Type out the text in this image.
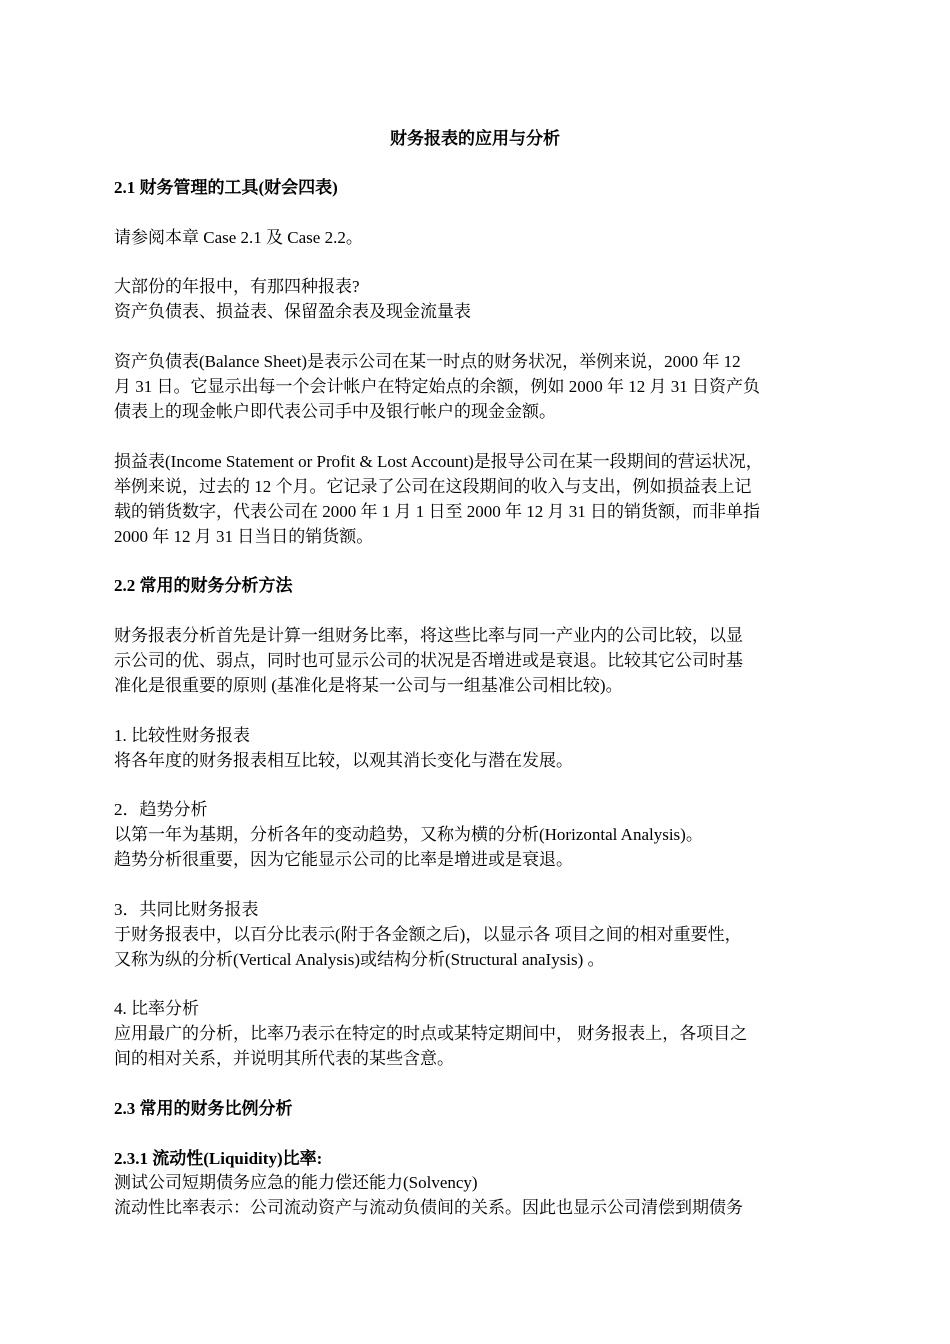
财务报表的应用与分析
2.1 财务管理的工具(财会四表)
请参阅本章 Case 2.1 及 Case 2.2。
大部份的年报中，有那四种报表?
资产负债表、损益表、保留盈余表及现金流量表
资产负债表(Balance Sheet)是表示公司在某一时点的财务状况，举例来说，2000 年 12
月 31 日。它显示出每一个会计帐户在特定始点的余额，例如 2000 年 12 月 31 日资产负
债表上的现金帐户即代表公司手中及银行帐户的现金金额。
损益表(Income Statement or Profit & Lost Account)是报导公司在某一段期间的营运状况，
举例来说，过去的 12 个月。它记录了公司在这段期间的收入与支出，例如损益表上记
载的销货数字，代表公司在 2000 年 1 月 1 日至 2000 年 12 月 31 日的销货额，而非单指
2000 年 12 月 31 日当日的销货额。
2.2 常用的财务分析方法
财务报表分析首先是计算一组财务比率，将这些比率与同一产业内的公司比较，以显
示公司的优、弱点，同时也可显示公司的状况是否增进或是衰退。比较其它公司时基
准化是很重要的原则 (基准化是将某一公司与一组基准公司相比较)。
1. 比较性财务报表
将各年度的财务报表相互比较，以观其消长变化与潜在发展。
2．趋势分析
以第一年为基期，分析各年的变动趋势，又称为横的分析(Horizontal Analysis)。
趋势分析很重要，因为它能显示公司的比率是增进或是衰退。
3．共同比财务报表
于财务报表中，以百分比表示(附于各金额之后)，以显示各 项目之间的相对重要性，
又称为纵的分析(Vertical Analysis)或结构分析(Structural anaIysis) 。
4. 比率分析
应用最广的分析，比率乃表示在特定的时点或某特定期间中， 财务报表上，各项目之
间的相对关系，并说明其所代表的某些含意。
2.3 常用的财务比例分析
2.3.1 流动性(Liquidity)比率:
测试公司短期债务应急的能力偿还能力(Solvency)
流动性比率表示：公司流动资产与流动负债间的关系。因此也显示公司清偿到期债务
